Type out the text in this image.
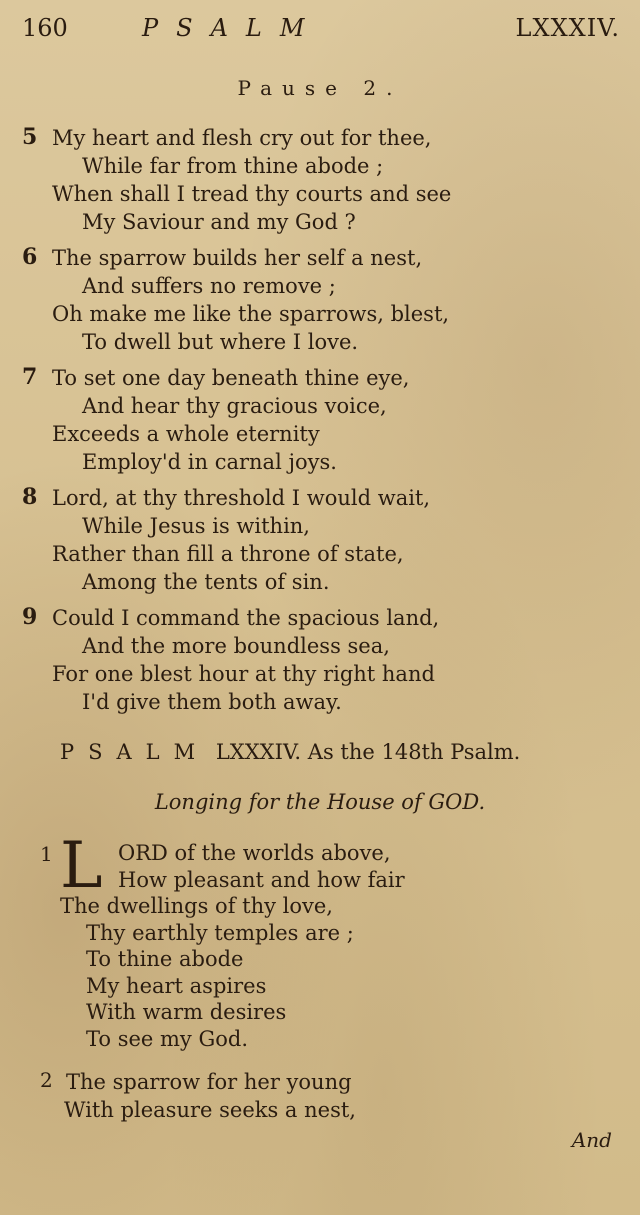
160	PSALM	LXXXIV.
Pause 2.
5 My heart and flesh cry out for thee,
While far from thine abode ;
When shall I tread thy courts and see
My Saviour and my God ?
6 The sparrow builds her self a nest,
And suffers no remove ;
Oh make me like the sparrows, blest,
To dwell but where I love.
7 To set one day beneath thine eye,
And hear thy gracious voice,
Exceeds a whole eternity
Employ'd in carnal joys.
8 Lord, at thy threshold I would wait,
While Jesus is within,
Rather than fill a throne of state,
Among the tents of sin.
9 Could I command the spacious land,
And the more boundless sea,
For one blest hour at thy right hand
I'd give them both away.
PSALM LXXXIV. As the 148th Psalm.
Longing for the House of GOD.
1 L ORD of the worlds above,
How pleasant and how fair
The dwellings of thy love,
Thy earthly temples are ;
To thine abode
My heart aspires
With warm desires
To see my God.
2 The sparrow for her young
With pleasure seeks a nest,
And
